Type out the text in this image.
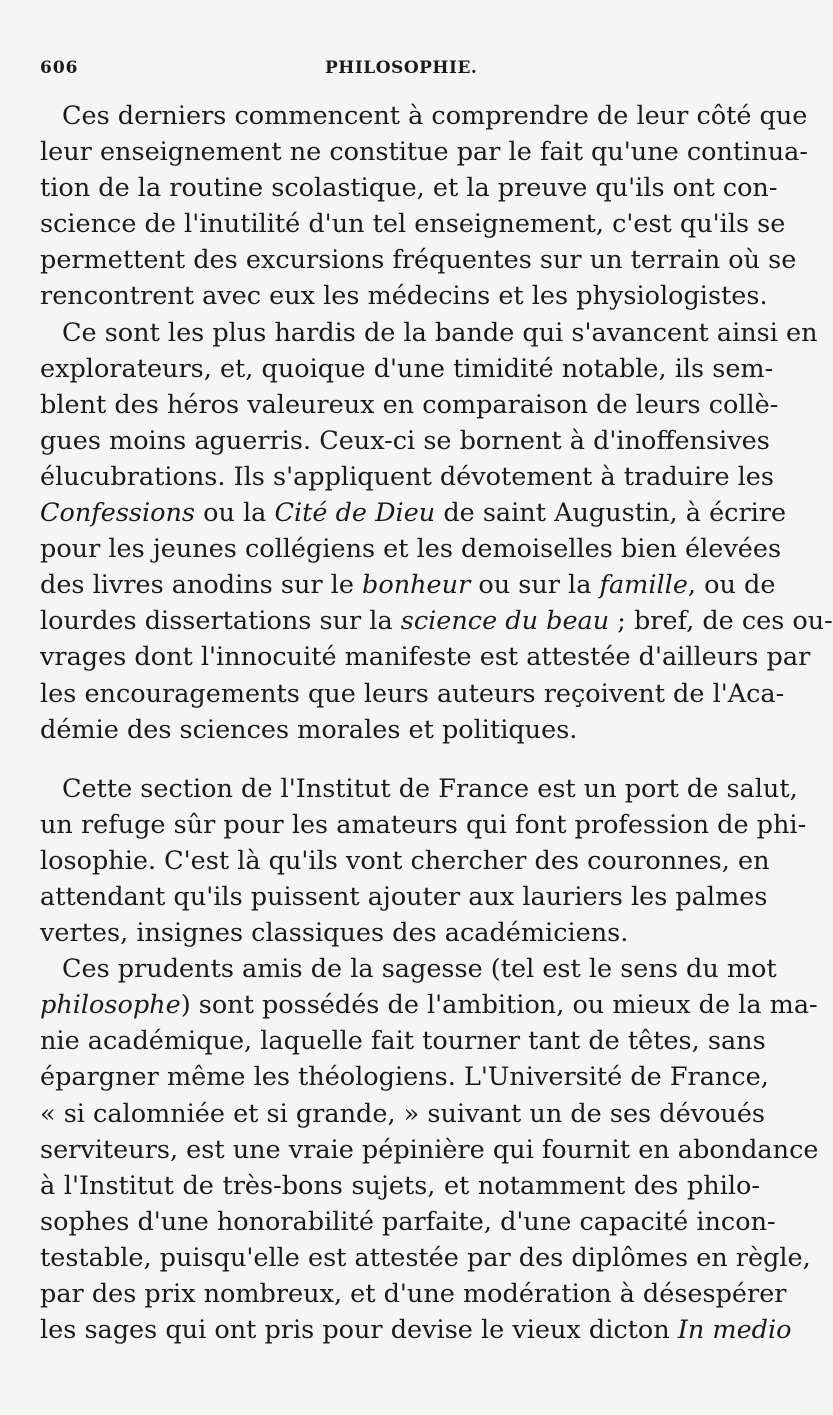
606	PHILOSOPHIE.
Ces derniers commencent à comprendre de leur côté que
leur enseignement ne constitue par le fait qu'une continua-
tion de la routine scolastique, et la preuve qu'ils ont con-
science de l'inutilité d'un tel enseignement, c'est qu'ils se
permettent des excursions fréquentes sur un terrain où se
rencontrent avec eux les médecins et les physiologistes.
Ce sont les plus hardis de la bande qui s'avancent ainsi en
explorateurs, et, quoique d'une timidité notable, ils sem-
blent des héros valeureux en comparaison de leurs collè-
gues moins aguerris. Ceux-ci se bornent à d'inoffensives
élucubrations. Ils s'appliquent dévotement à traduire les
Confessions ou la Cité de Dieu de saint Augustin, à écrire
pour les jeunes collégiens et les demoiselles bien élevées
des livres anodins sur le bonheur ou sur la famille, ou de
lourdes dissertations sur la science du beau ; bref, de ces ou-
vrages dont l'innocuité manifeste est attestée d'ailleurs par
les encouragements que leurs auteurs reçoivent de l'Aca-
démie des sciences morales et politiques.
Cette section de l'Institut de France est un port de salut,
un refuge sûr pour les amateurs qui font profession de phi-
losophie. C'est là qu'ils vont chercher des couronnes, en
attendant qu'ils puissent ajouter aux lauriers les palmes
vertes, insignes classiques des académiciens.
Ces prudents amis de la sagesse (tel est le sens du mot
philosophe) sont possédés de l'ambition, ou mieux de la ma-
nie académique, laquelle fait tourner tant de têtes, sans
épargner même les théologiens. L'Université de France,
« si calomniée et si grande, » suivant un de ses dévoués
serviteurs, est une vraie pépinière qui fournit en abondance
à l'Institut de très-bons sujets, et notamment des philo-
sophes d'une honorabilité parfaite, d'une capacité incon-
testable, puisqu'elle est attestée par des diplômes en règle,
par des prix nombreux, et d'une modération à désespérer
les sages qui ont pris pour devise le vieux dicton In medio
